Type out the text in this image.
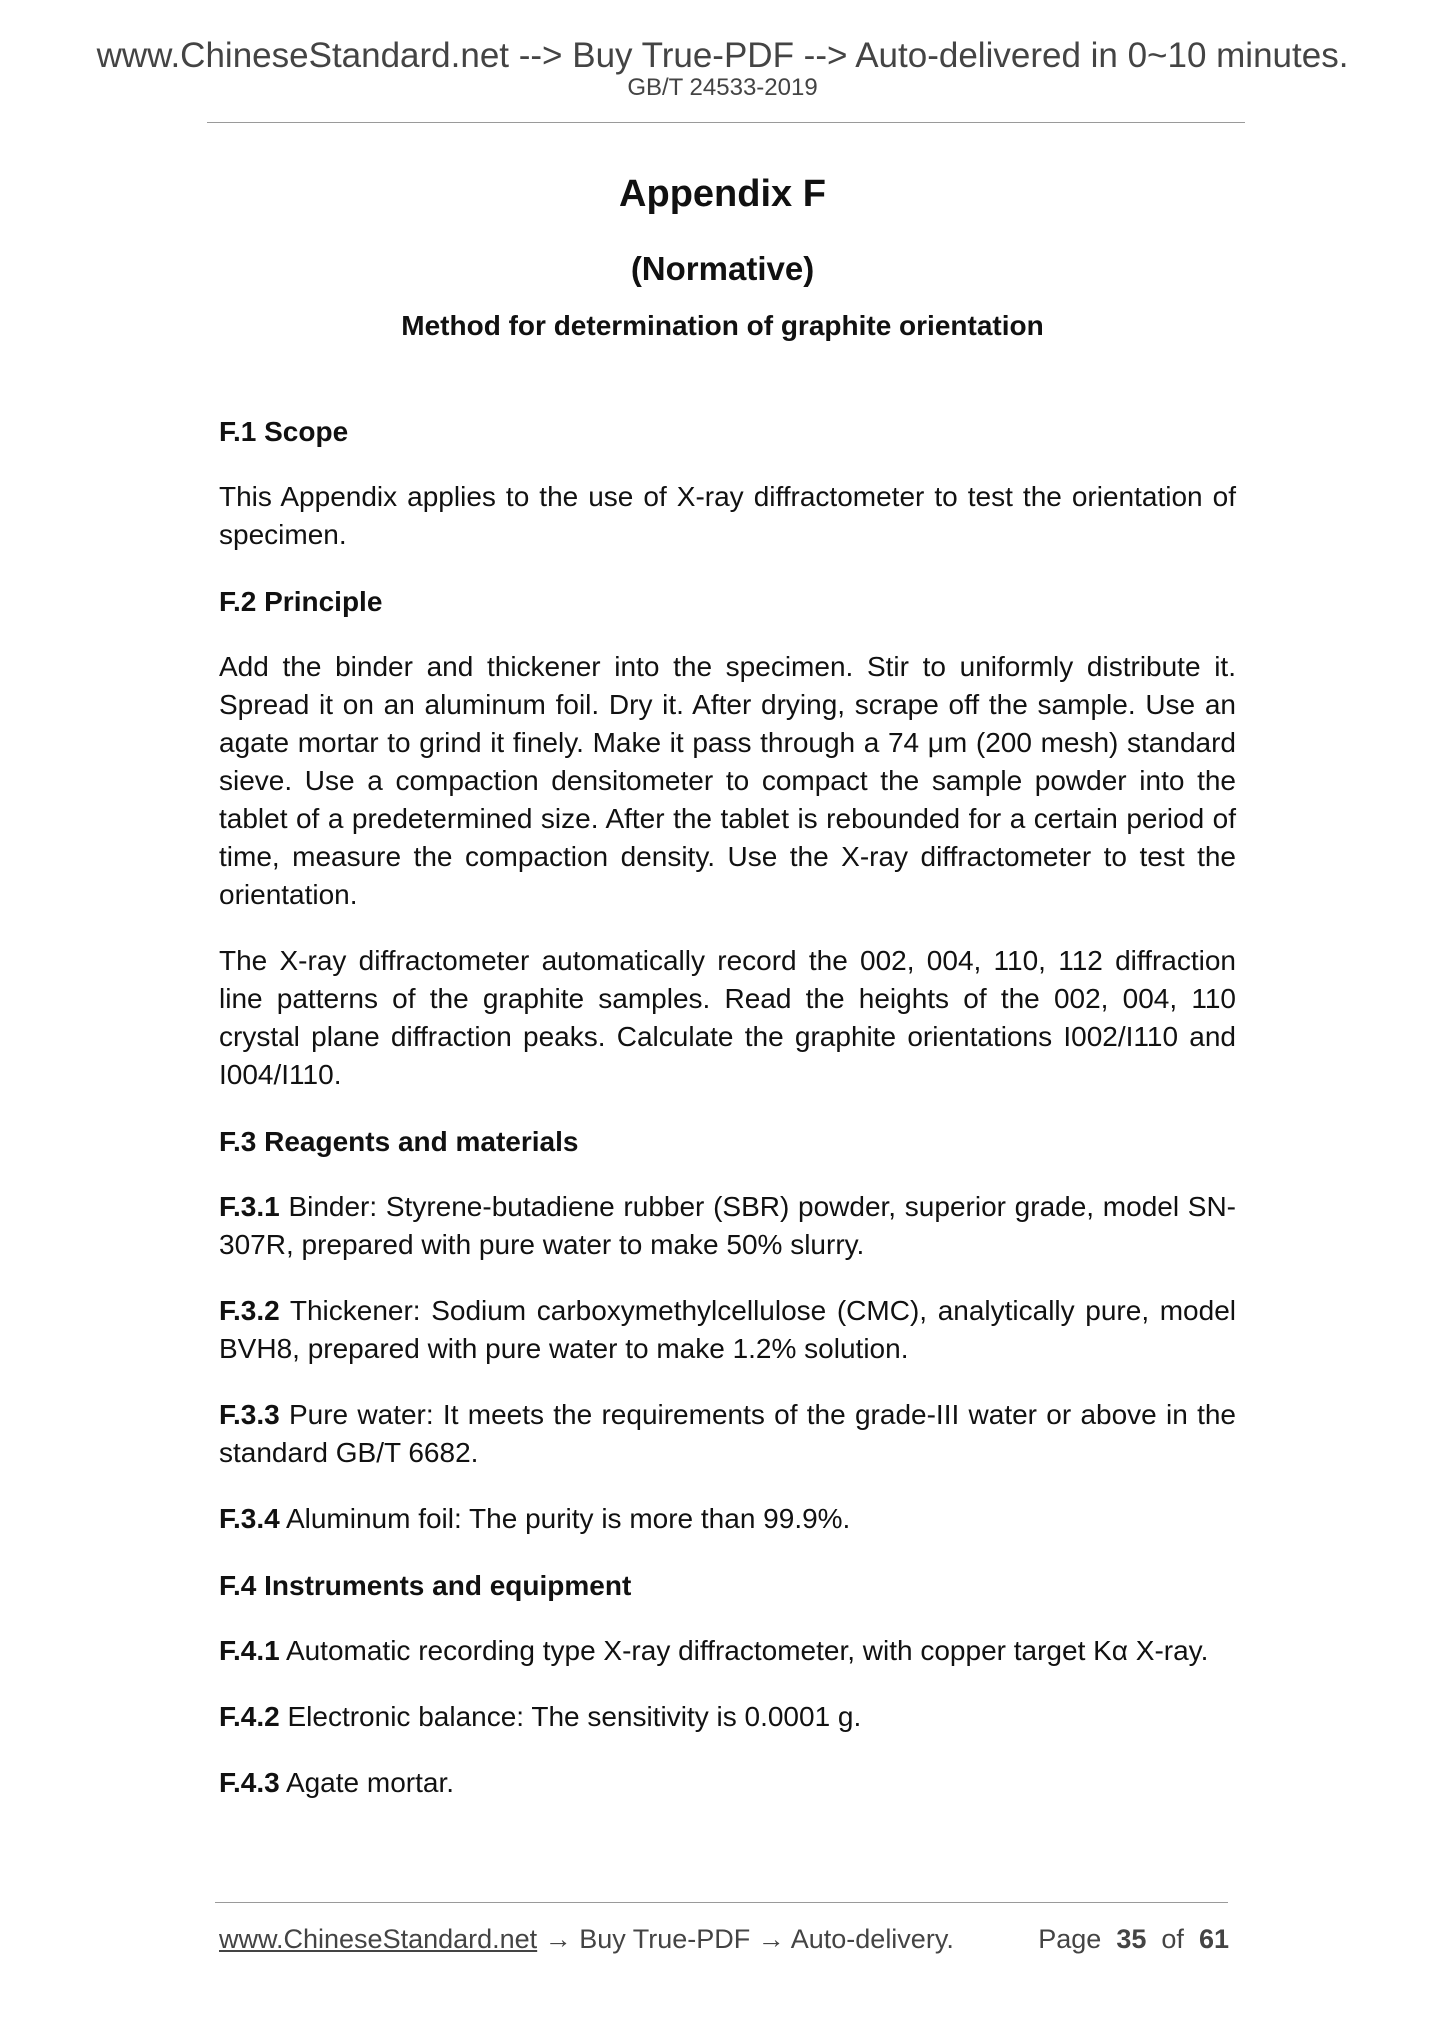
www.ChineseStandard.net --> Buy True-PDF --> Auto-delivered in 0~10 minutes.
GB/T 24533-2019
Appendix F
(Normative)
Method for determination of graphite orientation
F.1 Scope

This Appendix applies to the use of X-ray diffractometer to test the orientation of specimen.

F.2 Principle

Add the binder and thickener into the specimen. Stir to uniformly distribute it. Spread it on an aluminum foil. Dry it. After drying, scrape off the sample. Use an agate mortar to grind it finely. Make it pass through a 74 μm (200 mesh) standard sieve. Use a compaction densitometer to compact the sample powder into the tablet of a predetermined size. After the tablet is rebounded for a certain period of time, measure the compaction density. Use the X-ray diffractometer to test the orientation.

The X-ray diffractometer automatically record the 002, 004, 110, 112 diffraction line patterns of the graphite samples. Read the heights of the 002, 004, 110 crystal plane diffraction peaks. Calculate the graphite orientations I002/I110 and I004/I110.

F.3 Reagents and materials

F.3.1 Binder: Styrene-butadiene rubber (SBR) powder, superior grade, model SN-307R, prepared with pure water to make 50% slurry.

F.3.2 Thickener: Sodium carboxymethylcellulose (CMC), analytically pure, model BVH8, prepared with pure water to make 1.2% solution.

F.3.3 Pure water: It meets the requirements of the grade-III water or above in the standard GB/T 6682.

F.3.4 Aluminum foil: The purity is more than 99.9%.

F.4 Instruments and equipment

F.4.1 Automatic recording type X-ray diffractometer, with copper target Kα X-ray.

F.4.2 Electronic balance: The sensitivity is 0.0001 g.

F.4.3 Agate mortar.

www.ChineseStandard.net → Buy True-PDF → Auto-delivery.	Page 35 of 61
